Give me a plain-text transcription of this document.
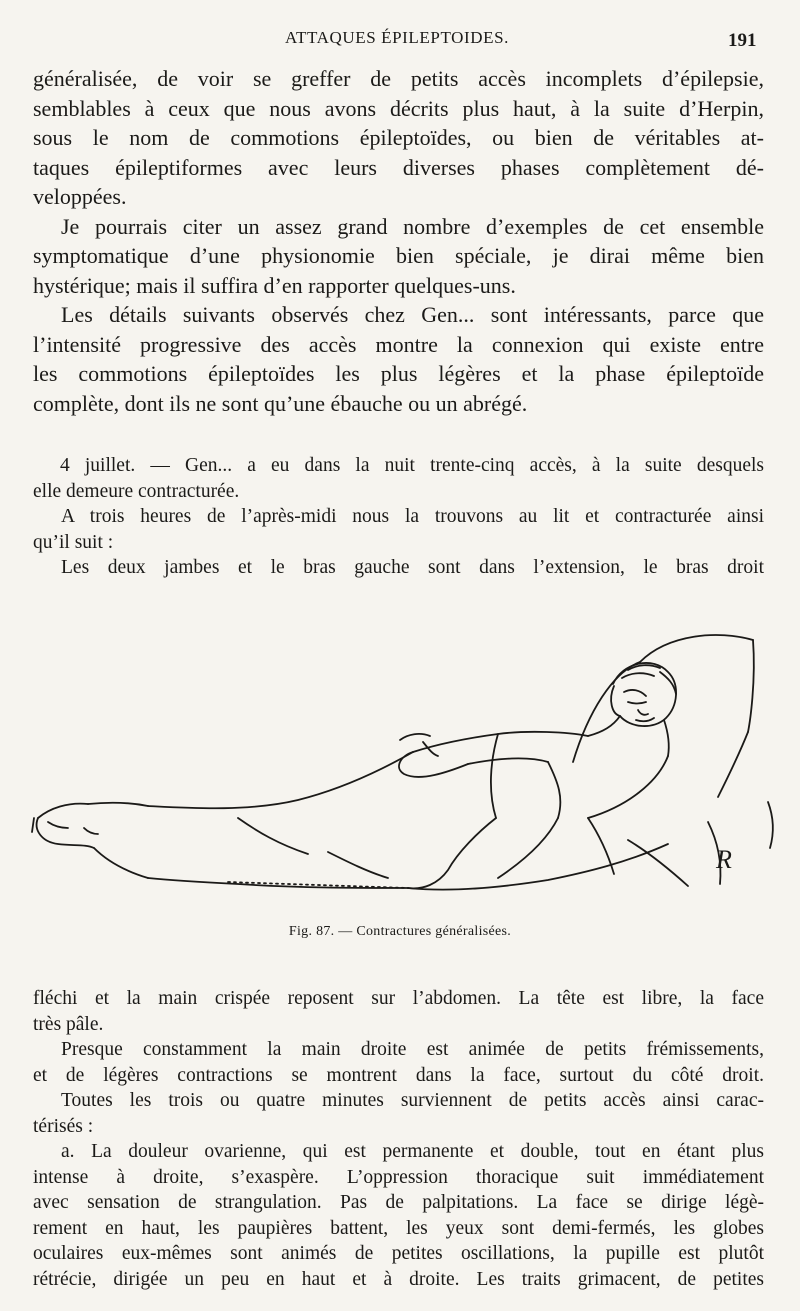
ATTAQUES ÉPILEPTOIDES.	191
généralisée, de voir se greffer de petits accès incomplets d’épilepsie,
semblables à ceux que nous avons décrits plus haut, à la suite d’Herpin,
sous le nom de commotions épileptoïdes, ou bien de véritables at-
taques épileptiformes avec leurs diverses phases complètement dé-
veloppées.
Je pourrais citer un assez grand nombre d’exemples de cet ensemble
symptomatique d’une physionomie bien spéciale, je dirai même bien
hystérique; mais il suffira d’en rapporter quelques-uns.
Les détails suivants observés chez Gen... sont intéressants, parce que
l’intensité progressive des accès montre la connexion qui existe entre
les commotions épileptoïdes les plus légères et la phase épileptoïde
complète, dont ils ne sont qu’une ébauche ou un abrégé.
4 juillet. — Gen... a eu dans la nuit trente-cinq accès, à la suite desquels
elle demeure contracturée.
A trois heures de l’après-midi nous la trouvons au lit et contracturée ainsi
qu’il suit :
Les deux jambes et le bras gauche sont dans l’extension, le bras droit
R
Fig. 87. — Contractures généralisées.
fléchi et la main crispée reposent sur l’abdomen. La tête est libre, la face
très pâle.
Presque constamment la main droite est animée de petits frémissements,
et de légères contractions se montrent dans la face, surtout du côté droit.
Toutes les trois ou quatre minutes surviennent de petits accès ainsi carac-
térisés :
a. La douleur ovarienne, qui est permanente et double, tout en étant plus
intense à droite, s’exaspère. L’oppression thoracique suit immédiatement
avec sensation de strangulation. Pas de palpitations. La face se dirige légè-
rement en haut, les paupières battent, les yeux sont demi-fermés, les globes
oculaires eux-mêmes sont animés de petites oscillations, la pupille est plutôt
rétrécie, dirigée un peu en haut et à droite. Les traits grimacent, de petites
